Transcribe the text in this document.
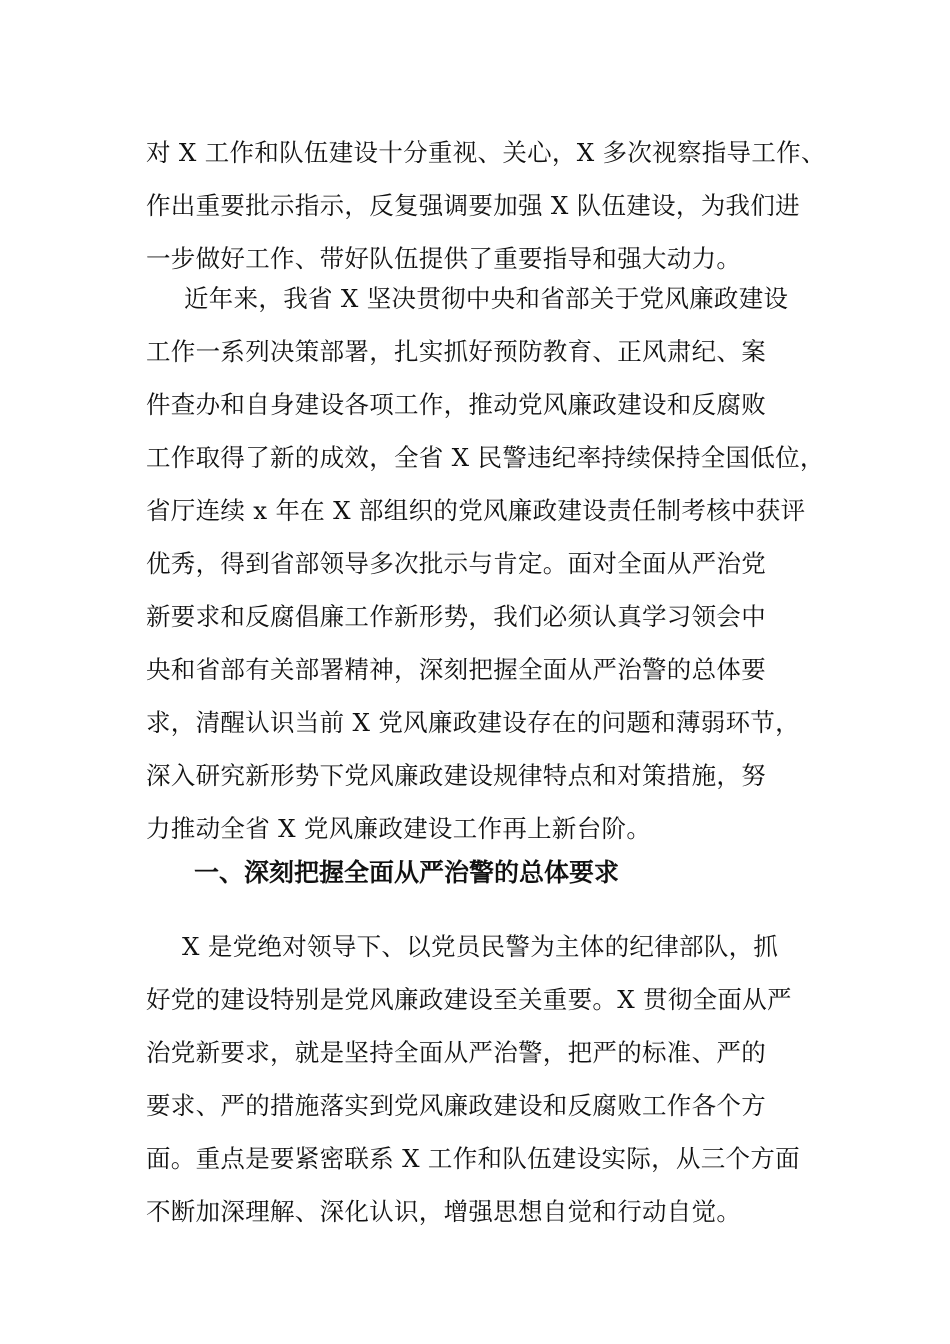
对 X 工作和队伍建设十分重视、关心，X 多次视察指导工作、
作出重要批示指示，反复强调要加强 X 队伍建设，为我们进
一步做好工作、带好队伍提供了重要指导和强大动力。
近年来，我省 X 坚决贯彻中央和省部关于党风廉政建设
工作一系列决策部署，扎实抓好预防教育、正风肃纪、案
件查办和自身建设各项工作，推动党风廉政建设和反腐败
工作取得了新的成效，全省 X 民警违纪率持续保持全国低位，
省厅连续 x 年在 X 部组织的党风廉政建设责任制考核中获评
优秀，得到省部领导多次批示与肯定。面对全面从严治党
新要求和反腐倡廉工作新形势，我们必须认真学习领会中
央和省部有关部署精神，深刻把握全面从严治警的总体要
求，清醒认识当前 X 党风廉政建设存在的问题和薄弱环节，
深入研究新形势下党风廉政建设规律特点和对策措施，努
力推动全省 X 党风廉政建设工作再上新台阶。
一、深刻把握全面从严治警的总体要求
X 是党绝对领导下、以党员民警为主体的纪律部队，抓
好党的建设特别是党风廉政建设至关重要。X 贯彻全面从严
治党新要求，就是坚持全面从严治警，把严的标准、严的
要求、严的措施落实到党风廉政建设和反腐败工作各个方
面。重点是要紧密联系 X 工作和队伍建设实际，从三个方面
不断加深理解、深化认识，增强思想自觉和行动自觉。
